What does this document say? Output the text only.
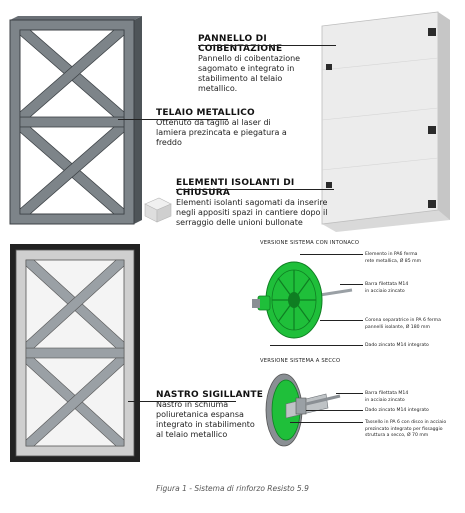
PANNELLO DI COIBENTAZIONE
Pannello di coibentazione
sagomato e integrato in
stabilimento al telaio metallico.
TELAIO METALLICO
Ottenuto da taglio al laser di
lamiera prezincata e piegatura a
freddo
ELEMENTI ISOLANTI DI CHIUSURA
Elementi isolanti sagomati da inserire
negli appositi spazi in cantiere dopo il
serraggio delle unioni bullonate
NASTRO SIGILLANTE
Nastro in schiuma
poliuretanica espansa
integrato in stabilimento
al telaio metallico
VERSIONE SISTEMA CON INTONACO
Elemento in PA6 ferma
rete metallica, Ø 85 mm
Barra filettata M14
in acciaio zincato
Corona separatrice in PA 6 ferma
pannelli isolante, Ø 180 mm
Dado zincato M14 integrato
VERSIONE SISTEMA A SECCO
Barra filettata M14
in acciaio zincato
Dado zincato M14 integrato
Tassello in PA 6 con disco in acciaio
prezincato integrato per fissaggio
struttura a secco, Ø 70 mm
Figura 1 - Sistema di rinforzo Resisto 5.9
